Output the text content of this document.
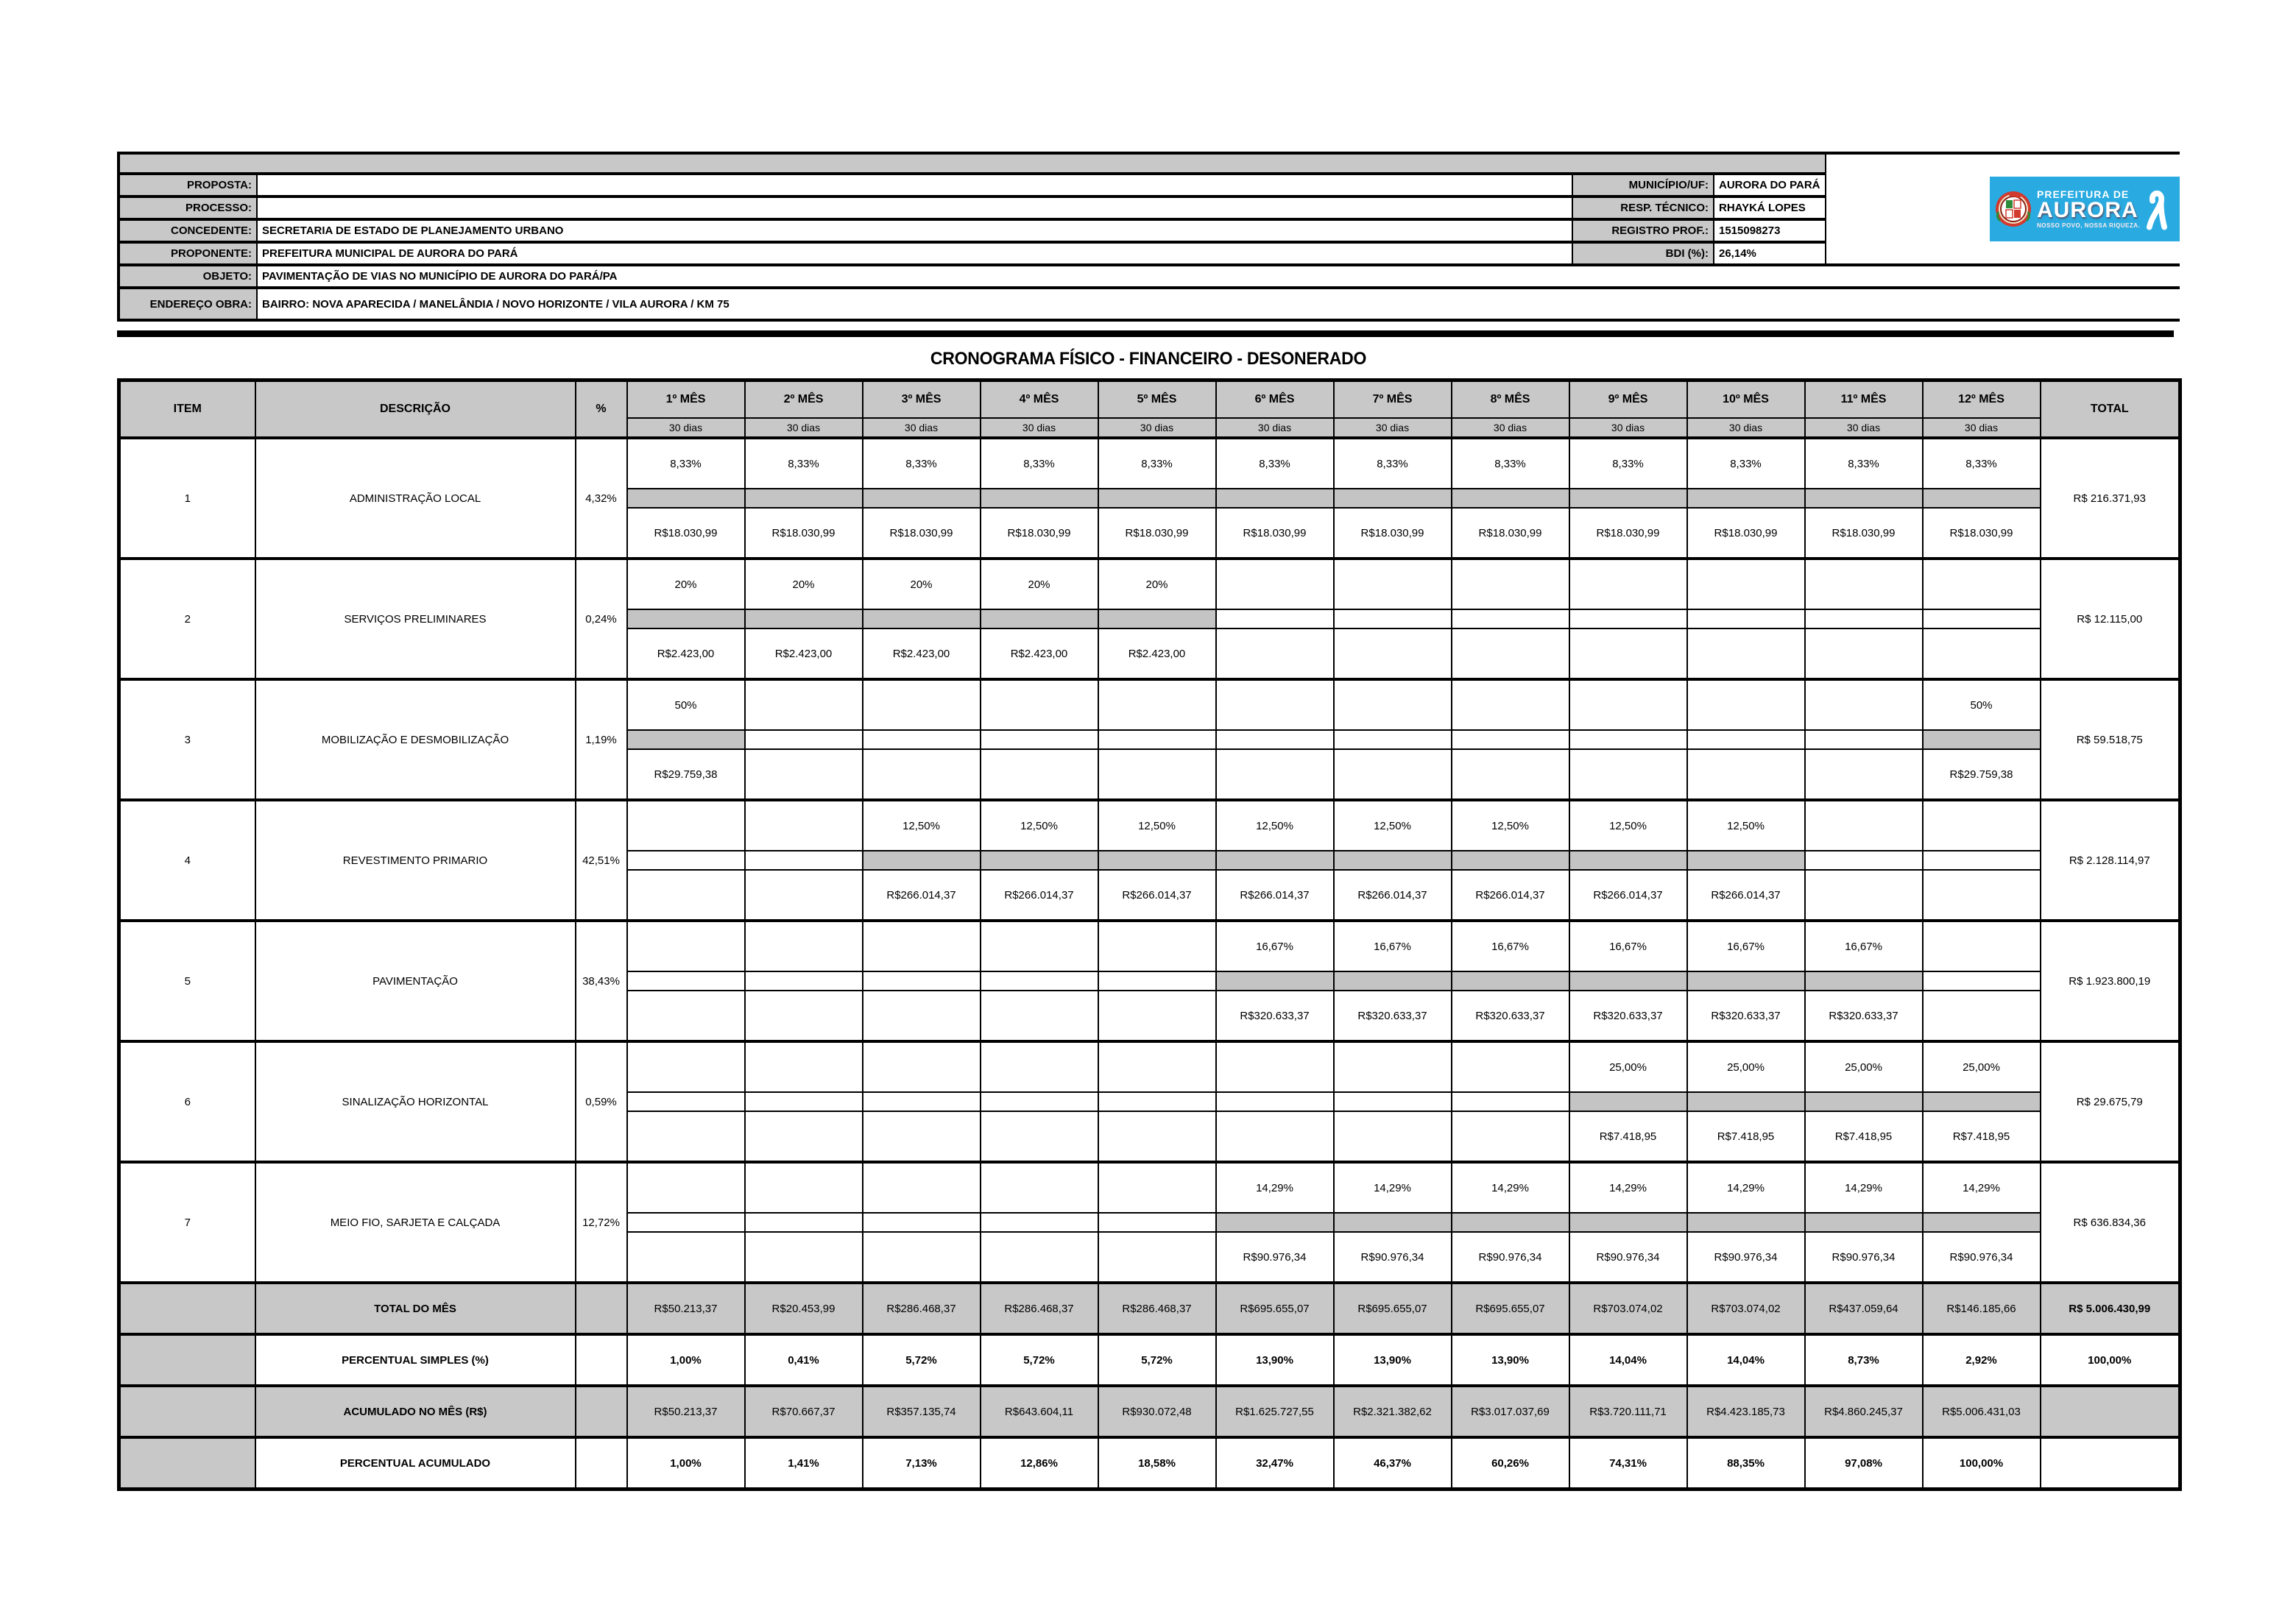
PREFEITURA DE
AURORA
NOSSO POVO, NOSSA RIQUEZA.
PROPOSTA:	MUNICÍPIO/UF: AURORA DO PARÁ
PROCESSO:	RESP. TÉCNICO: RHAYKÁ LOPES
CONCEDENTE: SECRETARIA DE ESTADO DE PLANEJAMENTO URBANO	REGISTRO PROF.: 1515098273
PROPONENTE: PREFEITURA MUNICIPAL DE AURORA DO PARÁ	BDI (%): 26,14%
OBJETO: PAVIMENTAÇÃO DE VIAS NO MUNICÍPIO DE AURORA DO PARÁ/PA
ENDEREÇO OBRA: BAIRRO: NOVA APARECIDA / MANELÂNDIA / NOVO HORIZONTE / VILA AURORA / KM 75
CRONOGRAMA FÍSICO - FINANCEIRO - DESONERADO
ITEM	DESCRIÇÃO	%	1º MÊS	2º MÊS	3º MÊS	4º MÊS	5º MÊS	6º MÊS	7º MÊS	8º MÊS	9º MÊS	10º MÊS	11º MÊS	12º MÊS	TOTAL
			30 dias	30 dias	30 dias	30 dias	30 dias	30 dias	30 dias	30 dias	30 dias	30 dias	30 dias	30 dias	
1	ADMINISTRAÇÃO LOCAL	4,32%	8,33%	8,33%	8,33%	8,33%	8,33%	8,33%	8,33%	8,33%	8,33%	8,33%	8,33%	8,33%	R$ 216.371,93

			R$18.030,99	R$18.030,99	R$18.030,99	R$18.030,99	R$18.030,99	R$18.030,99	R$18.030,99	R$18.030,99	R$18.030,99	R$18.030,99	R$18.030,99	R$18.030,99	
2	SERVIÇOS PRELIMINARES	0,24%	20%	20%	20%	20%	20%								R$ 12.115,00

			R$2.423,00	R$2.423,00	R$2.423,00	R$2.423,00	R$2.423,00								
3	MOBILIZAÇÃO E DESMOBILIZAÇÃO	1,19%	50%											50%	R$ 59.518,75

			R$29.759,38											R$29.759,38	
4	REVESTIMENTO PRIMARIO	42,51%			12,50%	12,50%	12,50%	12,50%	12,50%	12,50%	12,50%	12,50%			R$ 2.128.114,97

					R$266.014,37	R$266.014,37	R$266.014,37	R$266.014,37	R$266.014,37	R$266.014,37	R$266.014,37	R$266.014,37			
5	PAVIMENTAÇÃO	38,43%						16,67%	16,67%	16,67%	16,67%	16,67%	16,67%		R$ 1.923.800,19

								R$320.633,37	R$320.633,37	R$320.633,37	R$320.633,37	R$320.633,37	R$320.633,37		
6	SINALIZAÇÃO HORIZONTAL	0,59%									25,00%	25,00%	25,00%	25,00%	R$ 29.675,79

											R$7.418,95	R$7.418,95	R$7.418,95	R$7.418,95	
7	MEIO FIO, SARJETA E CALÇADA	12,72%						14,29%	14,29%	14,29%	14,29%	14,29%	14,29%	14,29%	R$ 636.834,36

								R$90.976,34	R$90.976,34	R$90.976,34	R$90.976,34	R$90.976,34	R$90.976,34	R$90.976,34	
	TOTAL DO MÊS		R$50.213,37	R$20.453,99	R$286.468,37	R$286.468,37	R$286.468,37	R$695.655,07	R$695.655,07	R$695.655,07	R$703.074,02	R$703.074,02	R$437.059,64	R$146.185,66	R$ 5.006.430,99
	PERCENTUAL SIMPLES (%)		1,00%	0,41%	5,72%	5,72%	5,72%	13,90%	13,90%	13,90%	14,04%	14,04%	8,73%	2,92%	100,00%
	ACUMULADO NO MÊS (R$)		R$50.213,37	R$70.667,37	R$357.135,74	R$643.604,11	R$930.072,48	R$1.625.727,55	R$2.321.382,62	R$3.017.037,69	R$3.720.111,71	R$4.423.185,73	R$4.860.245,37	R$5.006.431,03	
	PERCENTUAL ACUMULADO		1,00%	1,41%	7,13%	12,86%	18,58%	32,47%	46,37%	60,26%	74,31%	88,35%	97,08%	100,00%	
